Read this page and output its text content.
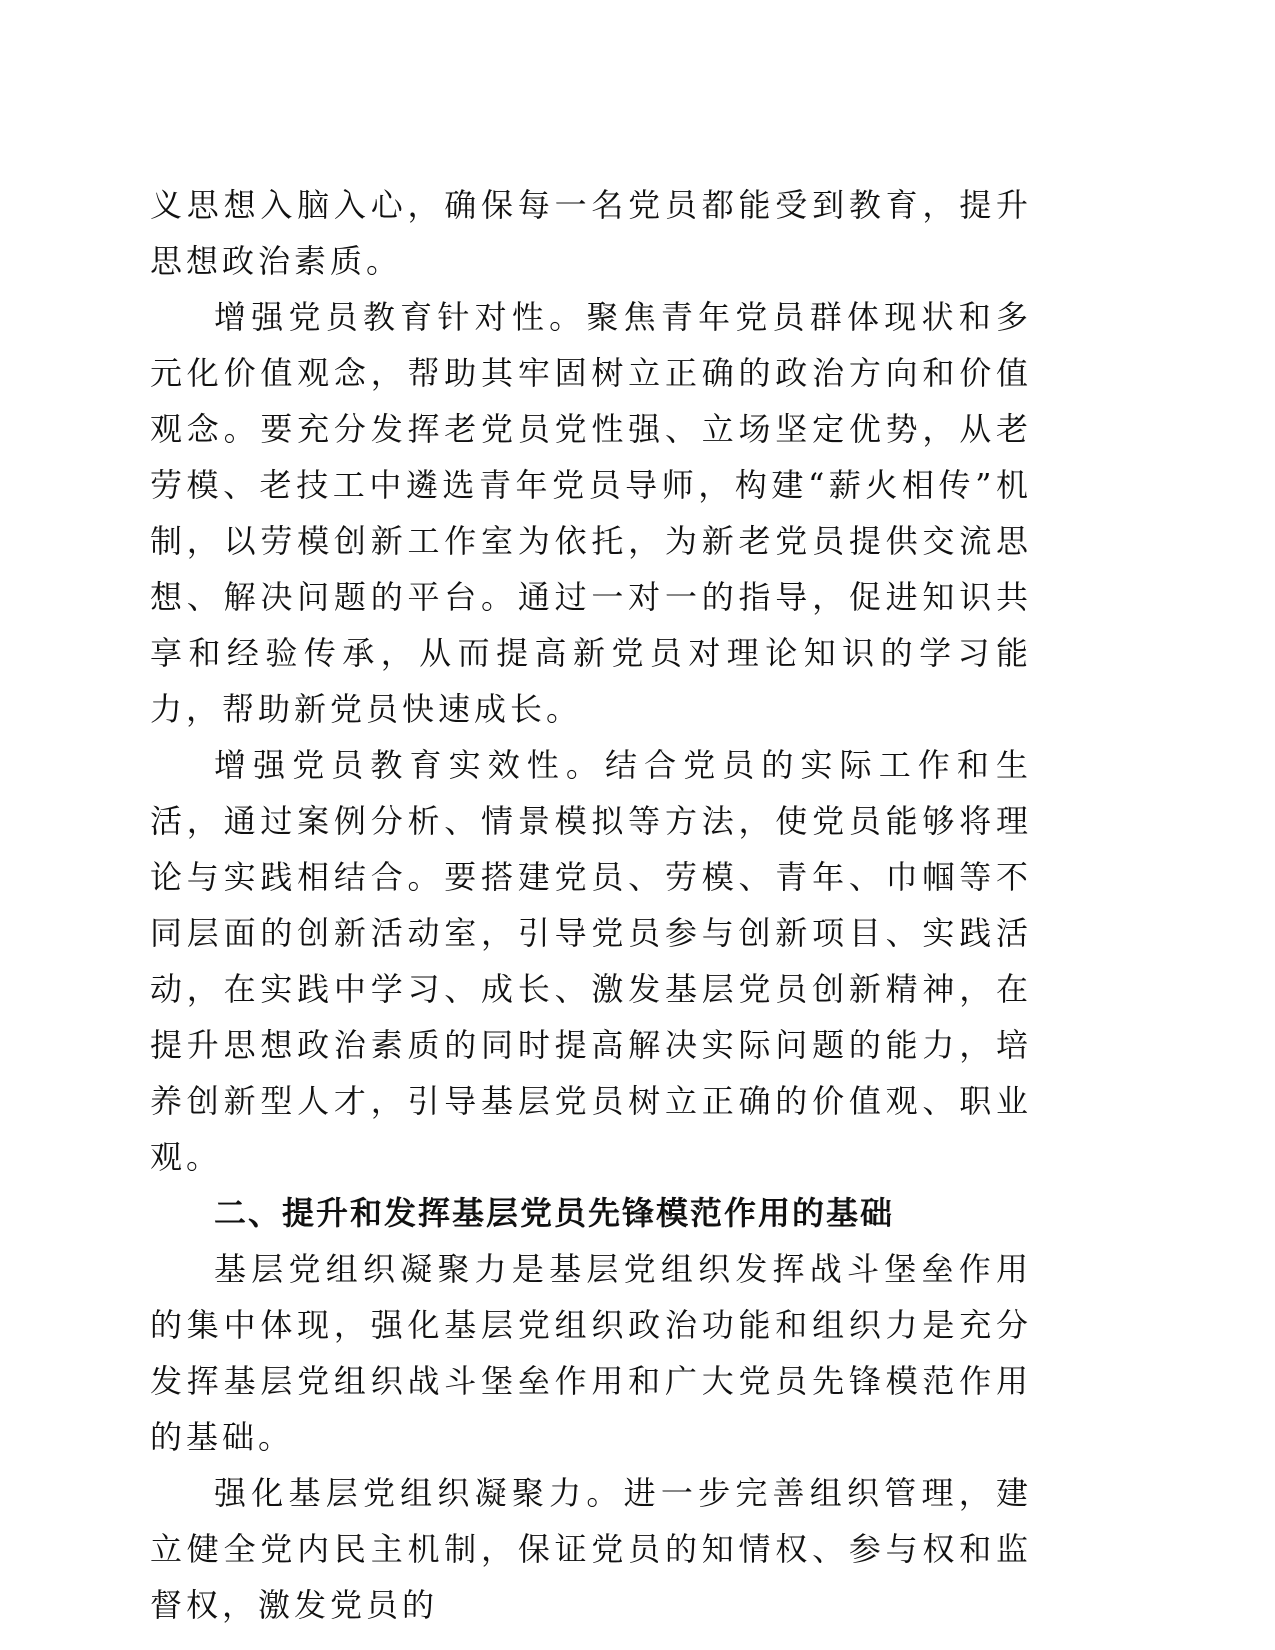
义思想入脑入心，确保每一名党员都能受到教育，提升思想政治素质。

增强党员教育针对性。聚焦青年党员群体现状和多元化价值观念，帮助其牢固树立正确的政治方向和价值观念。要充分发挥老党员党性强、立场坚定优势，从老劳模、老技工中遴选青年党员导师，构建“薪火相传”机制，以劳模创新工作室为依托，为新老党员提供交流思想、解决问题的平台。通过一对一的指导，促进知识共享和经验传承，从而提高新党员对理论知识的学习能力，帮助新党员快速成长。

增强党员教育实效性。结合党员的实际工作和生活，通过案例分析、情景模拟等方法，使党员能够将理论与实践相结合。要搭建党员、劳模、青年、巾帼等不同层面的创新活动室，引导党员参与创新项目、实践活动，在实践中学习、成长、激发基层党员创新精神，在提升思想政治素质的同时提高解决实际问题的能力，培养创新型人才，引导基层党员树立正确的价值观、职业观。

二、提升和发挥基层党员先锋模范作用的基础

基层党组织凝聚力是基层党组织发挥战斗堡垒作用的集中体现，强化基层党组织政治功能和组织力是充分发挥基层党组织战斗堡垒作用和广大党员先锋模范作用的基础。

强化基层党组织凝聚力。进一步完善组织管理，建立健全党内民主机制，保证党员的知情权、参与权和监督权，激发党员的
